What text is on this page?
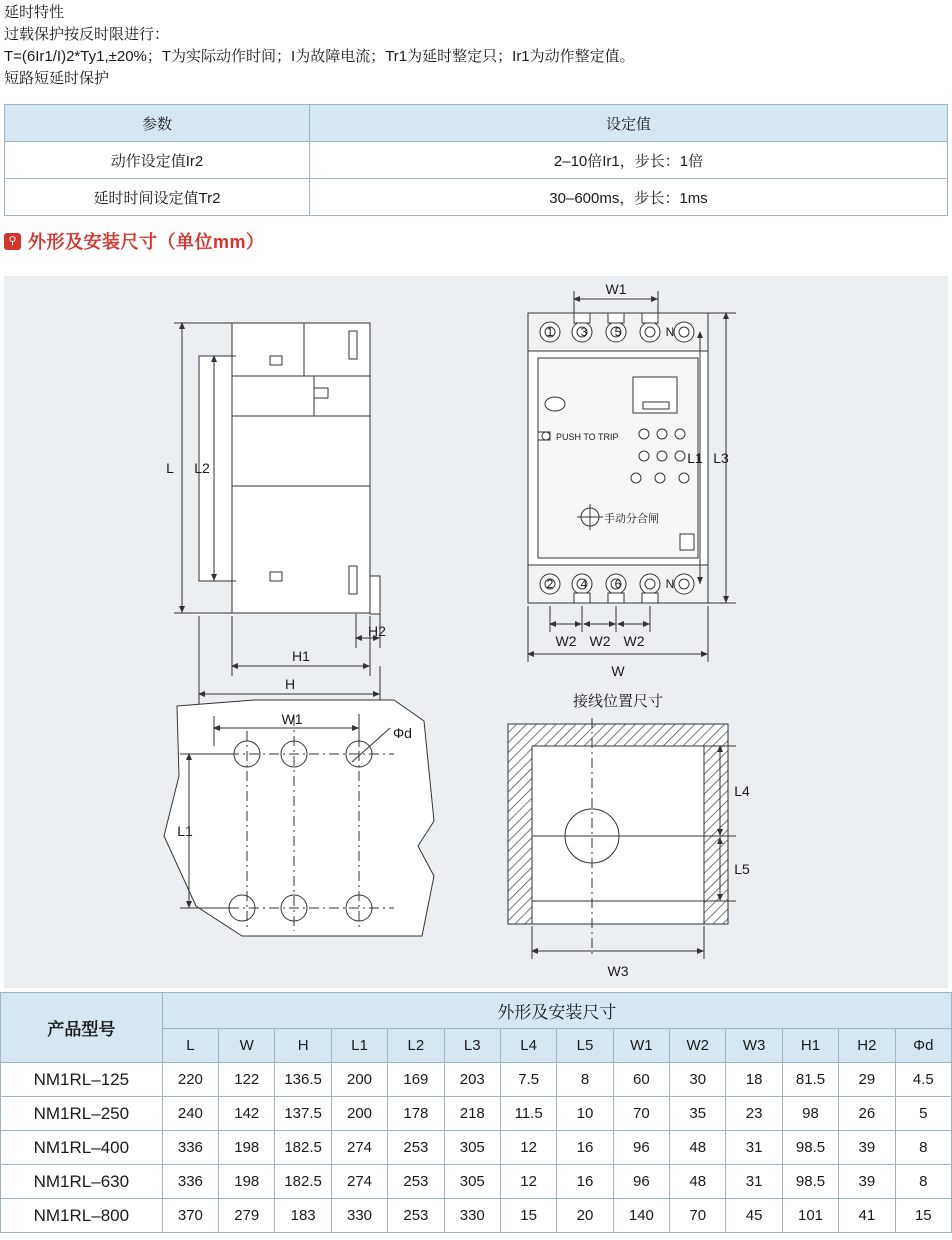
延时特性
过载保护按反时限进行：
T=(6Ir1/I)2*Ty1,±20%；T为实际动作时间；I为故障电流；Tr1为延时整定只；Ir1为动作整定值。
短路短延时保护
参数	设定值
动作设定值Ir2	2–10倍Ir1，步长：1倍
延时时间设定值Tr2	30–600ms，步长：1ms
⚲ 外形及安装尺寸（单位mm）
L L2
H2
H1
H
W1
L1 L3
W2 W2 W2
W
1 3 5	N
2 4 6	N
PUSH TO TRIP
手动分合闸
W1
L1
Φd
接线位置尺寸
L4
L5
W3
产品型号	外形及安装尺寸													
	L	W	H	L1	L2	L3	L4	L5	W1	W2	W3	H1	H2	Φd
NM1RL–125	220	122	136.5	200	169	203	7.5	8	60	30	18	81.5	29	4.5
NM1RL–250	240	142	137.5	200	178	218	11.5	10	70	35	23	98	26	5
NM1RL–400	336	198	182.5	274	253	305	12	16	96	48	31	98.5	39	8
NM1RL–630	336	198	182.5	274	253	305	12	16	96	48	31	98.5	39	8
NM1RL–800	370	279	183	330	253	330	15	20	140	70	45	101	41	15
